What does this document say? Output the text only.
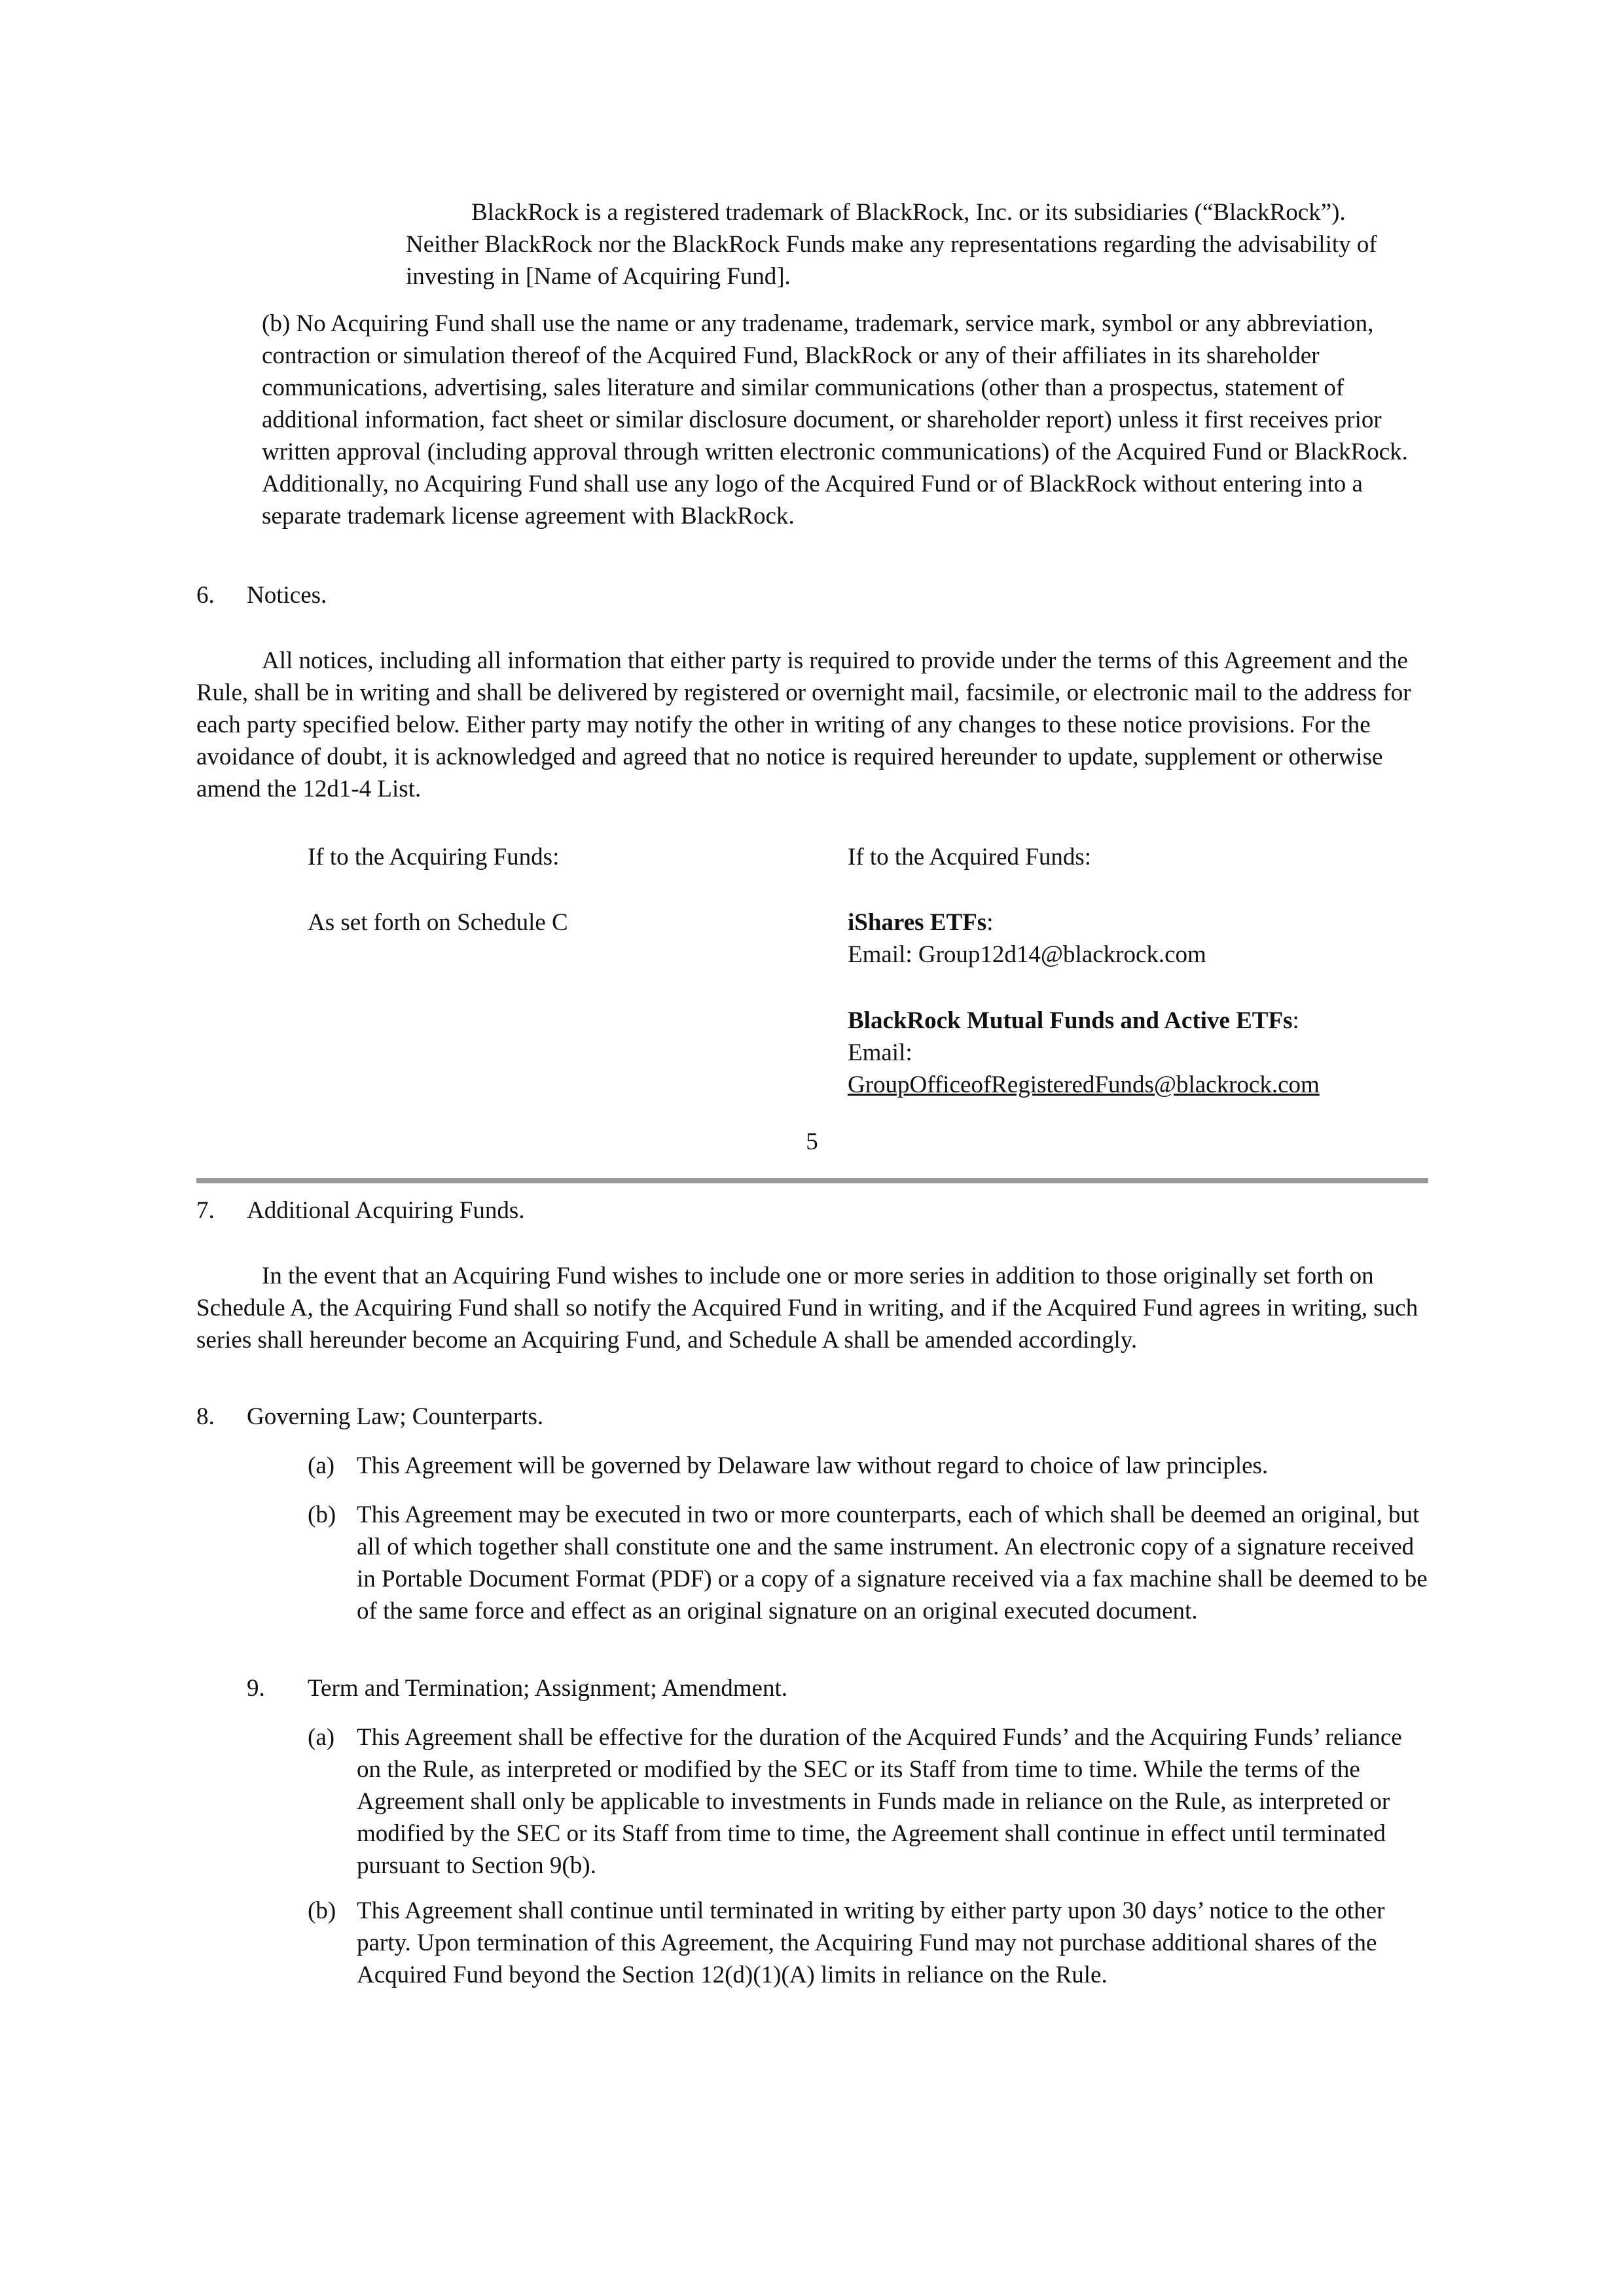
BlackRock is a registered trademark of BlackRock, Inc. or its subsidiaries (“BlackRock”). Neither BlackRock nor the BlackRock Funds make any representations regarding the advisability of investing in [Name of Acquiring Fund].

(b) No Acquiring Fund shall use the name or any tradename, trademark, service mark, symbol or any abbreviation, contraction or simulation thereof of the Acquired Fund, BlackRock or any of their affiliates in its shareholder communications, advertising, sales literature and similar communications (other than a prospectus, statement of additional information, fact sheet or similar disclosure document, or shareholder report) unless it first receives prior written approval (including approval through written electronic communications) of the Acquired Fund or BlackRock. Additionally, no Acquiring Fund shall use any logo of the Acquired Fund or of BlackRock without entering into a separate trademark license agreement with BlackRock.

6. Notices.

All notices, including all information that either party is required to provide under the terms of this Agreement and the Rule, shall be in writing and shall be delivered by registered or overnight mail, facsimile, or electronic mail to the address for each party specified below. Either party may notify the other in writing of any changes to these notice provisions. For the avoidance of doubt, it is acknowledged and agreed that no notice is required hereunder to update, supplement or otherwise amend the 12d1-4 List.

If to the Acquiring Funds:
As set forth on Schedule C
If to the Acquired Funds:
iShares ETFs:
Email: Group12d14@blackrock.com
BlackRock Mutual Funds and Active ETFs:
Email:
GroupOfficeofRegisteredFunds@blackrock.com
5
7. Additional Acquiring Funds.

In the event that an Acquiring Fund wishes to include one or more series in addition to those originally set forth on Schedule A, the Acquiring Fund shall so notify the Acquired Fund in writing, and if the Acquired Fund agrees in writing, such series shall hereunder become an Acquiring Fund, and Schedule A shall be amended accordingly.

8. Governing Law; Counterparts.
(a) This Agreement will be governed by Delaware law without regard to choice of law principles.

(b) This Agreement may be executed in two or more counterparts, each of which shall be deemed an original, but all of which together shall constitute one and the same instrument. An electronic copy of a signature received in Portable Document Format (PDF) or a copy of a signature received via a fax machine shall be deemed to be of the same force and effect as an original signature on an original executed document.

9. Term and Termination; Assignment; Amendment.
(a) This Agreement shall be effective for the duration of the Acquired Funds’ and the Acquiring Funds’ reliance on the Rule, as interpreted or modified by the SEC or its Staff from time to time. While the terms of the Agreement shall only be applicable to investments in Funds made in reliance on the Rule, as interpreted or modified by the SEC or its Staff from time to time, the Agreement shall continue in effect until terminated pursuant to Section 9(b).

(b) This Agreement shall continue until terminated in writing by either party upon 30 days’ notice to the other party. Upon termination of this Agreement, the Acquiring Fund may not purchase additional shares of the Acquired Fund beyond the Section 12(d)(1)(A) limits in reliance on the Rule.
